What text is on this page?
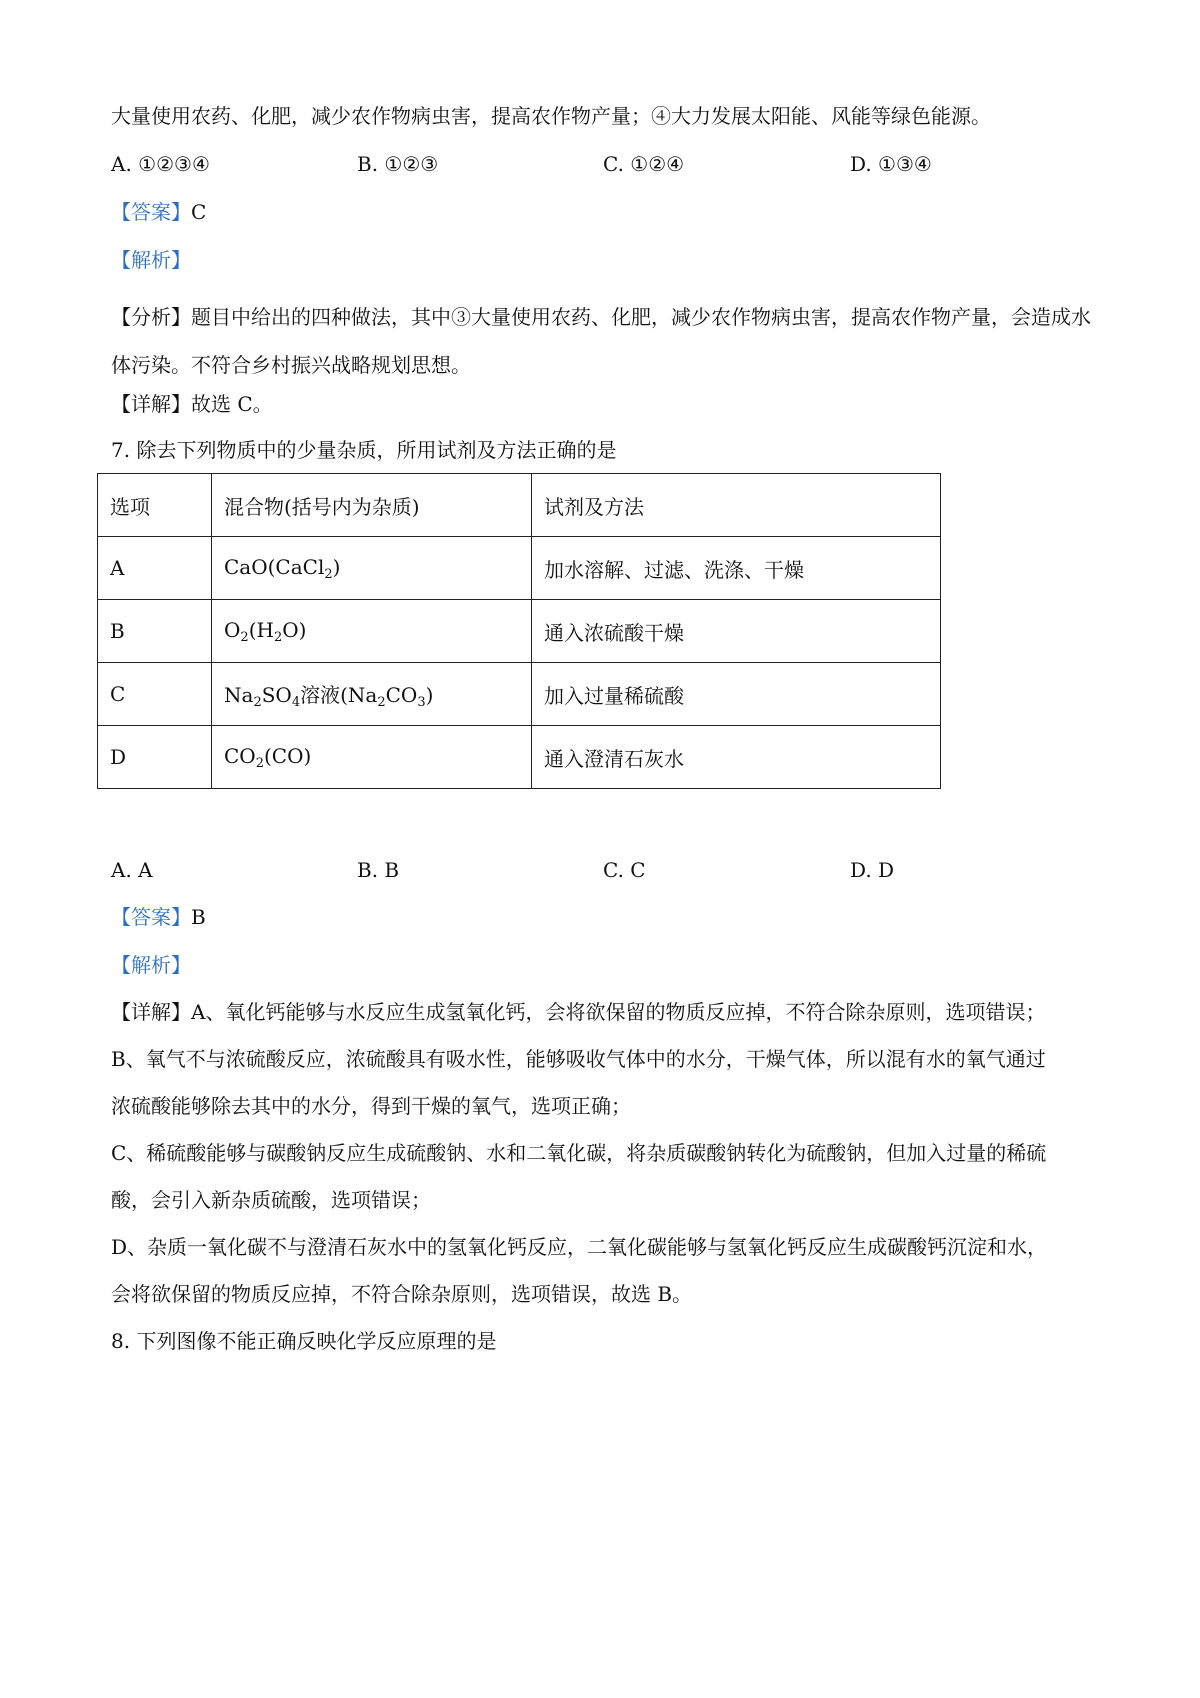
大量使用农药、化肥，减少农作物病虫害，提高农作物产量；④大力发展太阳能、风能等绿色能源。
A. ①②③④	B. ①②③	C. ①②④	D. ①③④
【答案】C
【解析】
【分析】题目中给出的四种做法，其中③大量使用农药、化肥，减少农作物病虫害，提高农作物产量，会造成水体污染。不符合乡村振兴战略规划思想。
【详解】故选 C。
7. 除去下列物质中的少量杂质，所用试剂及方法正确的是
选项	混合物(括号内为杂质)	试剂及方法
A	CaO(CaCl$_2$)	加水溶解、过滤、洗涤、干燥
B	$O_2(H_2O)$	通入浓硫酸干燥
C	$Na_2SO_4$溶液$(Na_2CO_3)$	加入过量稀硫酸
D	$CO_2(CO)$	通入澄清石灰水
A. A	B. B	C. C	D. D
【答案】B
【解析】
【详解】A、氧化钙能够与水反应生成氢氧化钙，会将欲保留的物质反应掉，不符合除杂原则，选项错误；
B、氧气不与浓硫酸反应，浓硫酸具有吸水性，能够吸收气体中的水分，干燥气体，所以混有水的氧气通过
浓硫酸能够除去其中的水分，得到干燥的氧气，选项正确；
C、稀硫酸能够与碳酸钠反应生成硫酸钠、水和二氧化碳，将杂质碳酸钠转化为硫酸钠，但加入过量的稀硫
酸，会引入新杂质硫酸，选项错误；
D、杂质一氧化碳不与澄清石灰水中的氢氧化钙反应，二氧化碳能够与氢氧化钙反应生成碳酸钙沉淀和水，
会将欲保留的物质反应掉，不符合除杂原则，选项错误，故选 B。
8. 下列图像不能正确反映化学反应原理的是
